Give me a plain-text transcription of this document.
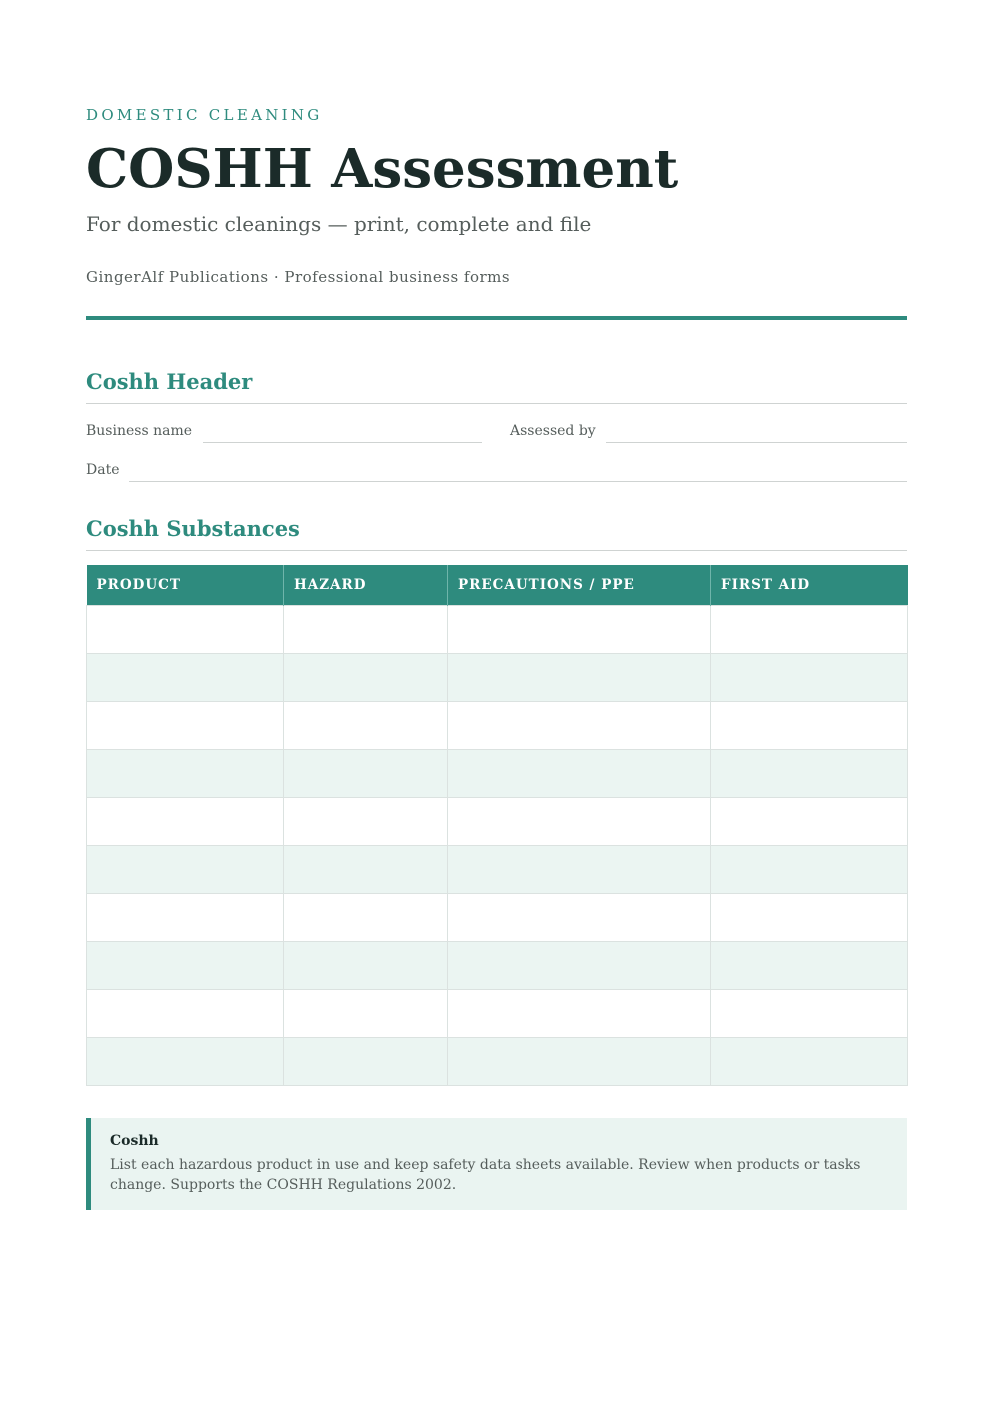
DOMESTIC CLEANING
COSHH Assessment
For domestic cleanings — print, complete and file
GingerAlf Publications · Professional business forms
Coshh Header
Business name	Assessed by
Date
Coshh Substances
PRODUCT	HAZARD	PRECAUTIONS / PPE	FIRST AID

Coshh
List each hazardous product in use and keep safety data sheets available. Review when products or tasks change. Supports the COSHH Regulations 2002.
